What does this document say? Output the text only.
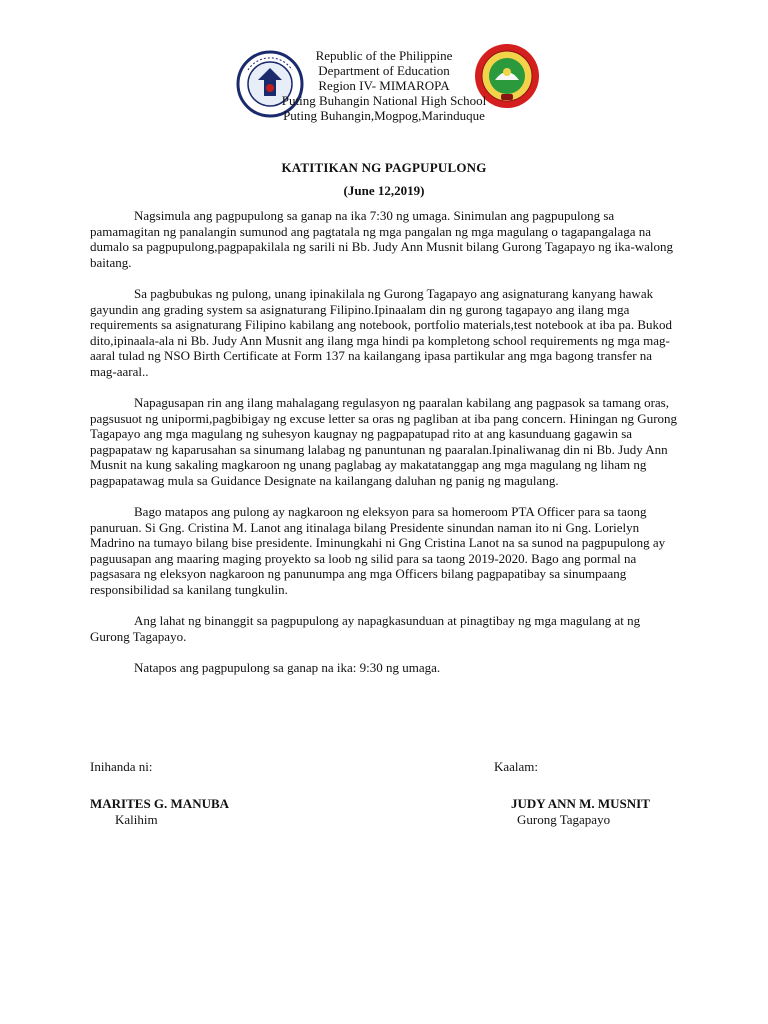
Republic of the Philippine
Department of Education
Region IV- MIMAROPA
Puting Buhangin National High School
Puting Buhangin,Mogpog,Marinduque
KATITIKAN NG PAGPUPULONG
(June 12,2019)

Nagsimula ang pagpupulong sa ganap na ika 7:30 ng umaga. Sinimulan ang pagpupulong sa pamamagitan ng panalangin sumunod ang pagtatala ng mga pangalan ng mga magulang o tagapangalaga na dumalo sa pagpupulong,pagpapakilala ng sarili ni Bb. Judy Ann Musnit bilang Gurong Tagapayo ng ika-walong baitang.

Sa pagbubukas ng pulong, unang ipinakilala ng Gurong Tagapayo ang asignaturang kanyang hawak gayundin ang grading system sa asignaturang Filipino.Ipinaalam din ng gurong tagapayo ang ilang mga requirements sa asignaturang Filipino kabilang ang notebook, portfolio materials,test notebook at iba pa. Bukod dito,ipinaala-ala ni Bb. Judy Ann Musnit ang ilang mga hindi pa kompletong school requirements ng mga mag-aaral tulad ng NSO Birth Certificate at Form 137 na kailangang ipasa partikular ang mga bagong transfer na mag-aaral..

Napagusapan rin ang ilang mahalagang regulasyon ng paaralan kabilang ang pagpasok sa tamang oras, pagsusuot ng unipormi,pagbibigay ng excuse letter sa oras ng pagliban at iba pang concern. Hiningan ng Gurong Tagapayo ang mga magulang ng suhesyon kaugnay ng pagpapatupad rito at ang kasunduang gagawin sa pagpapataw ng kaparusahan sa sinumang lalabag ng panuntunan ng paaralan.Ipinaliwanag din ni Bb. Judy Ann Musnit na kung sakaling magkaroon ng unang paglabag ay makatatanggap ang mga magulang ng liham ng pagpapatawag mula sa Guidance Designate na kailangang daluhan ng panig ng magulang.

Bago matapos ang pulong ay nagkaroon ng eleksyon para sa homeroom PTA Officer para sa taong panuruan. Si Gng. Cristina M. Lanot ang itinalaga bilang Presidente sinundan naman ito ni Gng. Lorielyn Madrino na tumayo bilang bise presidente. Iminungkahi ni Gng Cristina Lanot na sa sunod na pagpupulong ay paguusapan ang maaring maging proyekto sa loob ng silid para sa taong 2019-2020. Bago ang pormal na pagsasara ng eleksyon nagkaroon ng panunumpa ang mga Officers bilang pagpapatibay sa sinumpaang responsibilidad sa kanilang tungkulin.

Ang lahat ng binanggit sa pagpupulong ay napagkasunduan at pinagtibay ng mga magulang at ng Gurong Tagapayo.

Natapos ang pagpupulong sa ganap na ika: 9:30 ng umaga.

Inihanda ni:
MARITES G. MANUBA
Kalihim
Kaalam:
JUDY ANN M. MUSNIT
Gurong Tagapayo
